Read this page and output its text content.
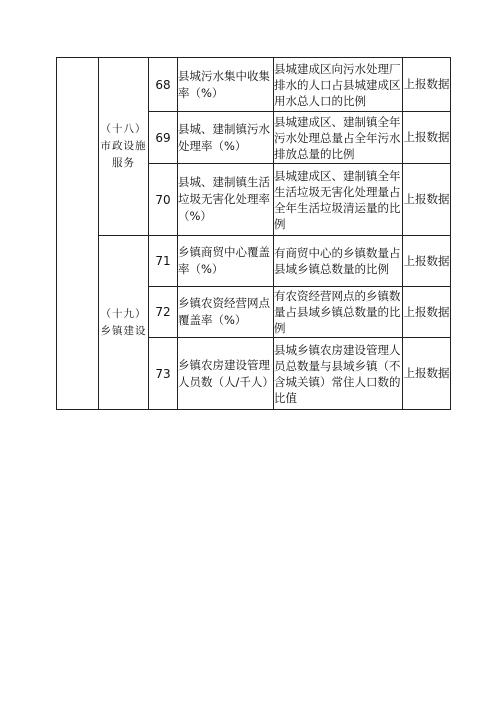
	（十八）市政设施服务	68	县城污水集中收集率（%）	县城建成区向污水处理厂排水的人口占县城建成区用水总人口的比例	上报数据
		69	县城、建制镇污水处理率（%）	县城建成区、建制镇全年污水处理总量占全年污水排放总量的比例	上报数据
		70	县城、建制镇生活垃圾无害化处理率（%）	县城建成区、建制镇全年生活垃圾无害化处理量占全年生活垃圾清运量的比例	上报数据
	（十九）乡镇建设	71	乡镇商贸中心覆盖率（%）	有商贸中心的乡镇数量占县域乡镇总数量的比例	上报数据
		72	乡镇农资经营网点覆盖率（%）	有农资经营网点的乡镇数量占县域乡镇总数量的比例	上报数据
		73	乡镇农房建设管理人员数（人/千人）	县城乡镇农房建设管理人员总数量与县域乡镇（不含城关镇）常住人口数的比值	上报数据
